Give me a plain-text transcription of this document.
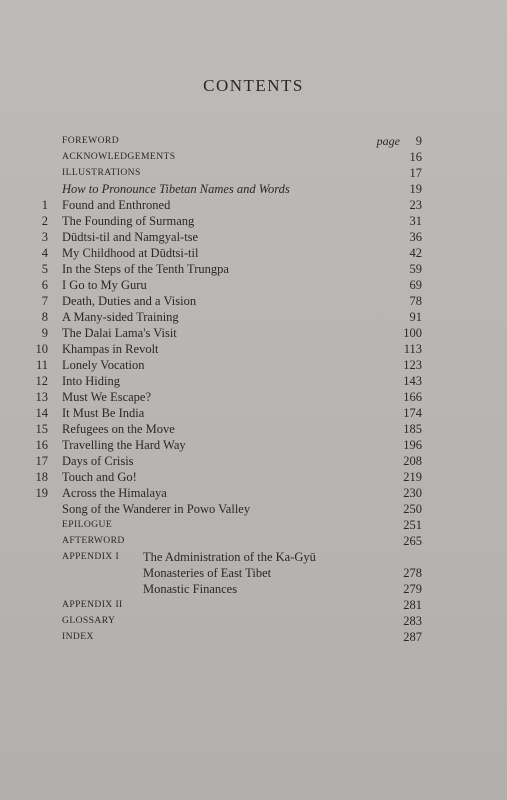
CONTENTS
FOREWORD	page 9
ACKNOWLEDGEMENTS	16
ILLUSTRATIONS	17
How to Pronounce Tibetan Names and Words	19
1 Found and Enthroned	23
2 The Founding of Surmang	31
3 Dūdtsi-til and Namgyal-tse	36
4 My Childhood at Dūdtsi-til	42
5 In the Steps of the Tenth Trungpa	59
6 I Go to My Guru	69
7 Death, Duties and a Vision	78
8 A Many-sided Training	91
9 The Dalai Lama's Visit	100
10 Khampas in Revolt	113
11 Lonely Vocation	123
12 Into Hiding	143
13 Must We Escape?	166
14 It Must Be India	174
15 Refugees on the Move	185
16 Travelling the Hard Way	196
17 Days of Crisis	208
18 Touch and Go!	219
19 Across the Himalaya	230
Song of the Wanderer in Powo Valley	250
EPILOGUE	251
AFTERWORD	265
APPENDIX I The Administration of the Ka-Gyū
Monasteries of East Tibet	278
Monastic Finances	279
APPENDIX II	281
GLOSSARY	283
INDEX	287
